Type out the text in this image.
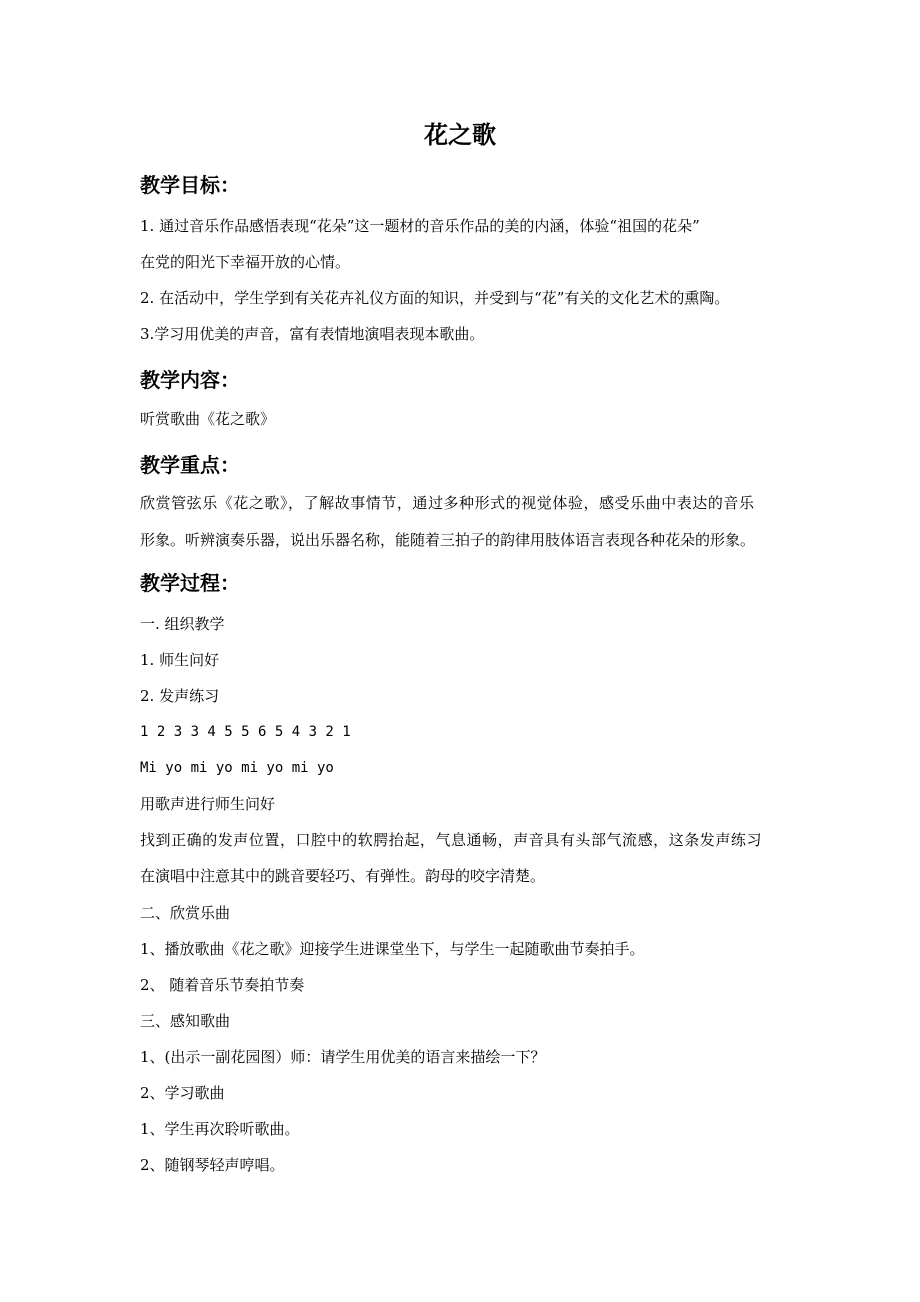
花之歌
教学目标：
1. 通过音乐作品感悟表现“花朵”这一题材的音乐作品的美的内涵，体验“祖国的花朵”
在党的阳光下幸福开放的心情。
2. 在活动中，学生学到有关花卉礼仪方面的知识，并受到与“花”有关的文化艺术的熏陶。
3.学习用优美的声音，富有表情地演唱表现本歌曲。
教学内容：
听赏歌曲《花之歌》
教学重点：
欣赏管弦乐《花之歌》，了解故事情节，通过多种形式的视觉体验，感受乐曲中表达的音乐
形象。听辨演奏乐器，说出乐器名称，能随着三拍子的韵律用肢体语言表现各种花朵的形象。
教学过程：
一. 组织教学
1. 师生问好
2. 发声练习
1 2 3 3 4 5 5 6 5 4 3 2 1
Mi yo mi yo mi yo mi yo
用歌声进行师生问好
找到正确的发声位置，口腔中的软腭抬起，气息通畅，声音具有头部气流感，这条发声练习
在演唱中注意其中的跳音要轻巧、有弹性。韵母的咬字清楚。
二、欣赏乐曲
1、播放歌曲《花之歌》迎接学生进课堂坐下，与学生一起随歌曲节奏拍手。
2、 随着音乐节奏拍节奏
三、感知歌曲
1、(出示一副花园图）师：请学生用优美的语言来描绘一下？
2、学习歌曲
1、学生再次聆听歌曲。
2、随钢琴轻声哼唱。
